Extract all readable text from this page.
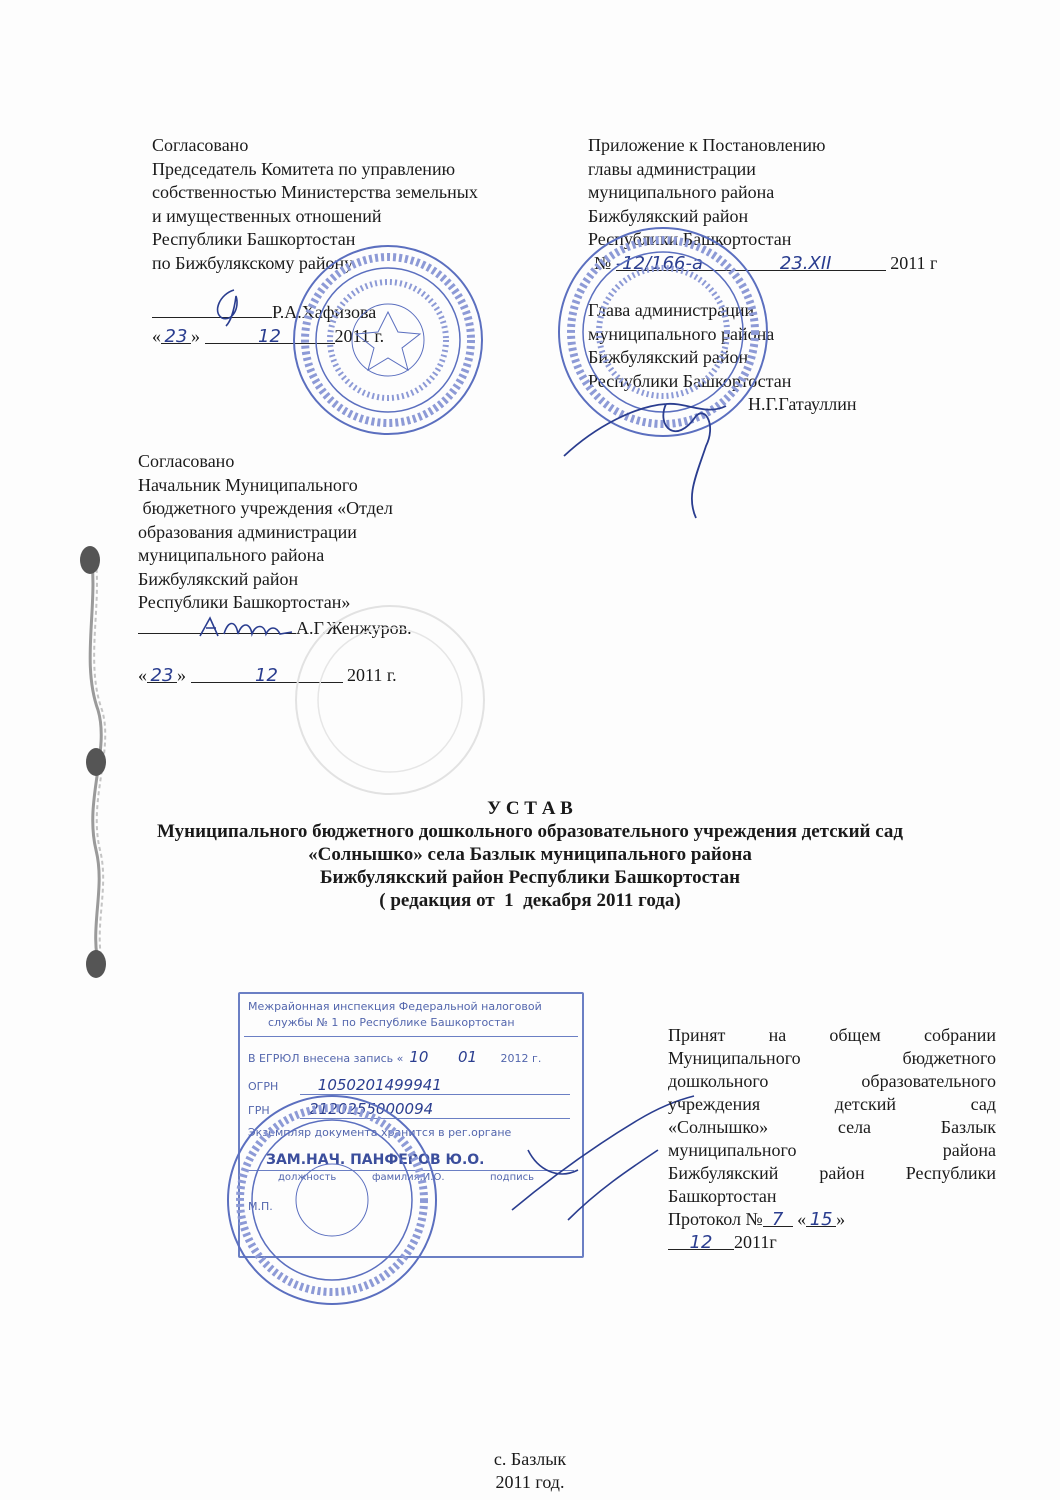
Согласовано
Председатель Комитета по управлению
собственностью Министерства земельных
и имущественных отношений
Республики Башкортостан
по Бижбулякскому району
Р.А.Хафизова
« 23 »	12	2011 г.
Приложение к Постановлению
главы администрации
муниципального района
Бижбулякский район
Республики Башкортостан
№ -12/166-а	23.XII	2011 г
Глава администрации
муниципального района
Бижбулякский район
Республики Башкортостан
Н.Г.Гатауллин
Согласовано
Начальник Муниципального
бюджетного учреждения «Отдел
образования администрации
муниципального района
Бижбулякский район
Республики Башкортостан»
А.Г.Женжуров.
« 23 »	12	2011 г.
У С Т А В
Муниципального бюджетного дошкольного образовательного учреждения детский сад
«Солнышко» села Базлык муниципального района
Бижбулякский район Республики Башкортостан
( редакция от  1  декабря 2011 года)
Межрайонная инспекция Федеральной налоговой
службы № 1 по Республике Башкортостан
В ЕГРЮЛ внесена запись « 10 01 2012 г.
ОГРН	1050201499941
ГРН	2120255000094
Экземпляр документа хранится в рег.органе
ЗАМ.НАЧ. ПАНФЕРОВ Ю.О.
должность	фамилия,И.О.	подпись
М.П.
Принят на общем собрании
Муниципального бюджетного
дошкольного образовательного
учреждения детский сад
«Солнышко» села Базлык
муниципального района
Бижбулякский район Республики
Башкортостан
Протокол № 7 « 15 »
12 2011г
с. Базлык
2011 год.
